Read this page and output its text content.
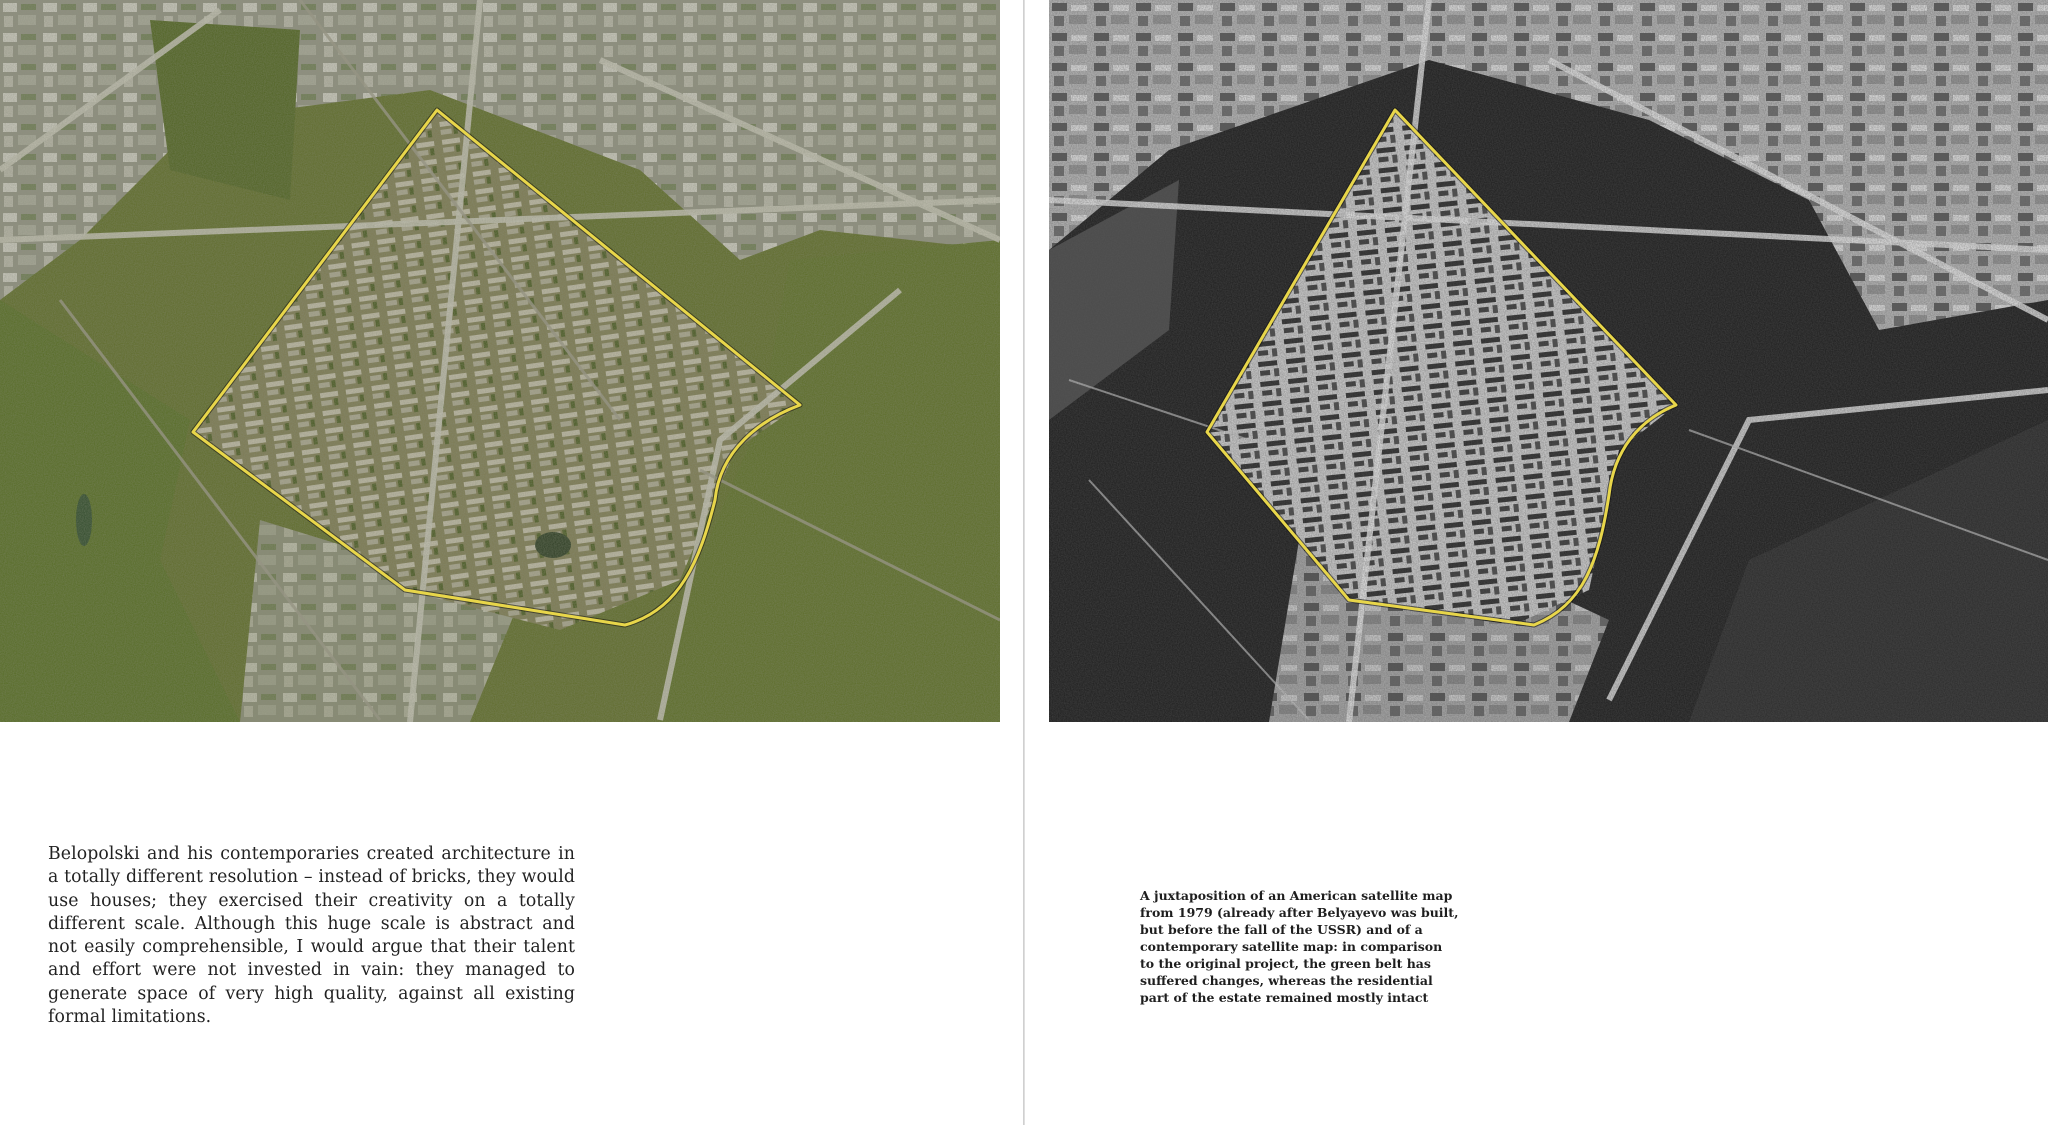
Belopolski and his contemporaries created architecture in a totally different resolution – instead of bricks, they would use houses; they exercised their creativity on a totally different scale. Although this huge scale is abstract and not easily comprehensible, I would argue that their talent and effort were not invested in vain: they managed to generate space of very high quality, against all existing formal limitations.
A juxtaposition of an American satellite map from 1979 (already after Belyayevo was built, but before the fall of the USSR) and of a contemporary satellite map: in comparison to the original project, the green belt has suffered changes, whereas the residential part of the estate remained mostly intact
